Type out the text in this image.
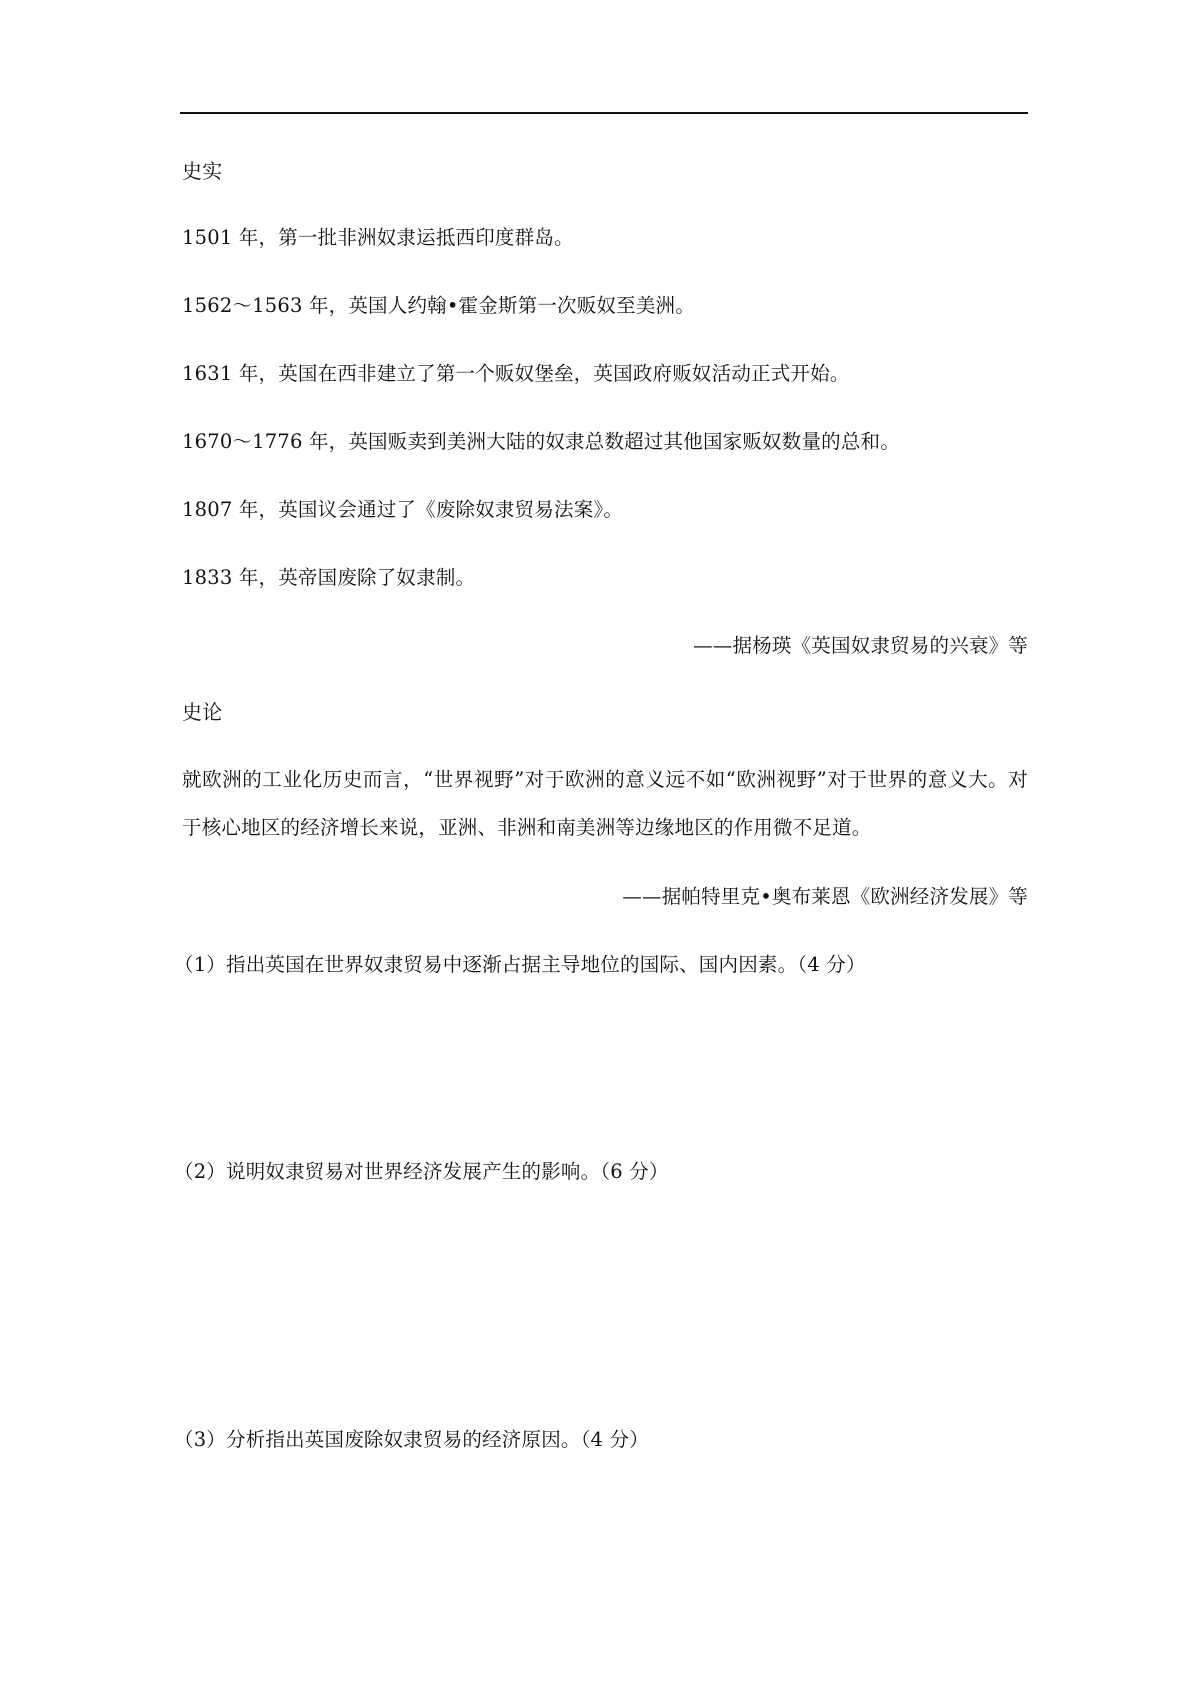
史实
1501 年，第一批非洲奴隶运抵西印度群岛。
1562～1563 年，英国人约翰•霍金斯第一次贩奴至美洲。
1631 年，英国在西非建立了第一个贩奴堡垒，英国政府贩奴活动正式开始。
1670～1776 年，英国贩卖到美洲大陆的奴隶总数超过其他国家贩奴数量的总和。
1807 年，英国议会通过了《废除奴隶贸易法案》。
1833 年，英帝国废除了奴隶制。
——据杨瑛《英国奴隶贸易的兴衰》等
史论
就欧洲的工业化历史而言，“世界视野”对于欧洲的意义远不如“欧洲视野”对于世界的意义大。对于核心地区的经济增长来说，亚洲、非洲和南美洲等边缘地区的作用微不足道。
——据帕特里克•奥布莱恩《欧洲经济发展》等
（1）指出英国在世界奴隶贸易中逐渐占据主导地位的国际、国内因素。（4 分）
（2）说明奴隶贸易对世界经济发展产生的影响。（6 分）
（3）分析指出英国废除奴隶贸易的经济原因。（4 分）
